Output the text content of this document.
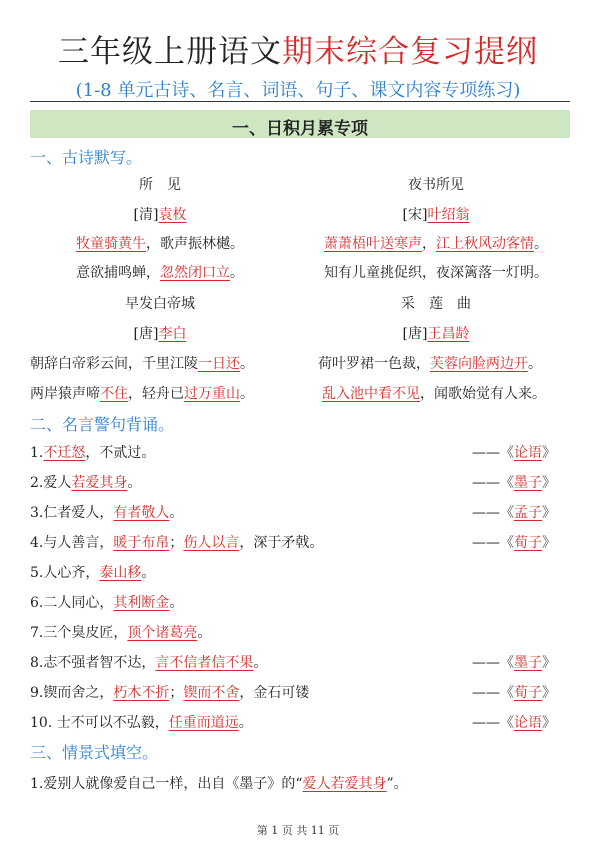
三年级上册语文期末综合复习提纲
(1-8 单元古诗、名言、词语、句子、课文内容专项练习)
一、日积月累专项
一、古诗默写。
所　见	夜书所见
[清]袁枚	[宋]叶绍翁
牧童骑黄牛，歌声振林樾。	萧萧梧叶送寒声，江上秋风动客情。
意欲捕鸣蝉，忽然闭口立。	知有儿童挑促织，夜深篱落一灯明。
早发白帝城	采　莲　曲
[唐]李白	[唐]王昌龄
朝辞白帝彩云间，千里江陵一日还。	荷叶罗裙一色裁，芙蓉向脸两边开。
两岸猿声啼不住，轻舟已过万重山。	乱入池中看不见，闻歌始觉有人来。
二、名言警句背诵。
1.不迁怒，不贰过。	——《论语》
2.爱人若爱其身。	——《墨子》
3.仁者爱人，有者敬人。	——《孟子》
4.与人善言，暖于布帛；伤人以言，深于矛戟。	——《荀子》
5.人心齐，泰山移。
6.二人同心，其利断金。
7.三个臭皮匠，顶个诸葛亮。
8.志不强者智不达，言不信者信不果。	——《墨子》
9.锲而舍之，朽木不折；锲而不舍，金石可镂	——《荀子》
10. 士不可以不弘毅，任重而道远。	——《论语》
三、情景式填空。
1.爱别人就像爱自己一样，出自《墨子》的“爱人若爱其身”。
第 1 页 共 11 页
